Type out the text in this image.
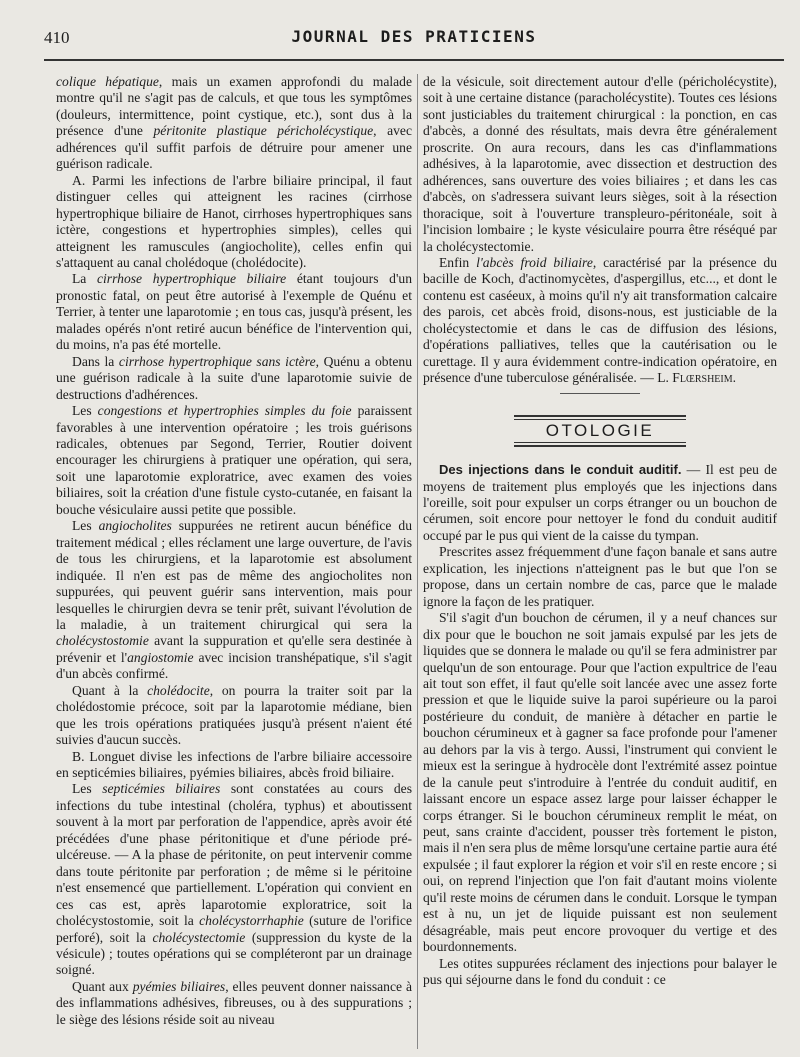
410	JOURNAL DES PRATICIENS

colique hépatique, mais un examen approfondi du malade montre qu'il ne s'agit pas de calculs, et que tous les symptômes (douleurs, intermittence, point cystique, etc.), sont dus à la présence d'une péritonite plastique péricholécystique, avec adhérences qu'il suffit parfois de détruire pour amener une guérison radicale.

A. Parmi les infections de l'arbre biliaire principal, il faut distinguer celles qui atteignent les racines (cirrhose hypertrophique biliaire de Hanot, cirrhoses hypertrophiques sans ictère, congestions et hypertrophies simples), celles qui atteignent les ramuscules (angiocholite), celles enfin qui s'attaquent au canal cholédoque (cholédocite).

La cirrhose hypertrophique biliaire étant toujours d'un pronostic fatal, on peut être autorisé à l'exemple de Quénu et Terrier, à tenter une laparotomie ; en tous cas, jusqu'à présent, les malades opérés n'ont retiré aucun bénéfice de l'intervention qui, du moins, n'a pas été mortelle.

Dans la cirrhose hypertrophique sans ictère, Quénu a obtenu une guérison radicale à la suite d'une laparotomie suivie de destructions d'adhérences.

Les congestions et hypertrophies simples du foie paraissent favorables à une intervention opératoire ; les trois guérisons radicales, obtenues par Segond, Terrier, Routier doivent encourager les chirurgiens à pratiquer une opération, qui sera, soit une laparotomie exploratrice, avec examen des voies biliaires, soit la création d'une fistule cysto-cutanée, en faisant la bouche vésiculaire aussi petite que possible.

Les angiocholites suppurées ne retirent aucun bénéfice du traitement médical ; elles réclament une large ouverture, de l'avis de tous les chirurgiens, et la laparotomie est absolument indiquée. Il n'en est pas de même des angiocholites non suppurées, qui peuvent guérir sans intervention, mais pour lesquelles le chirurgien devra se tenir prêt, suivant l'évolution de la maladie, à un traitement chirurgical qui sera la cholécystostomie avant la suppuration et qu'elle sera destinée à prévenir et l'angiostomie avec incision transhépatique, s'il s'agit d'un abcès confirmé.

Quant à la cholédocite, on pourra la traiter soit par la cholédostomie précoce, soit par la laparotomie médiane, bien que les trois opérations pratiquées jusqu'à présent n'aient été suivies d'aucun succès.

B. Longuet divise les infections de l'arbre biliaire accessoire en septicémies biliaires, pyémies biliaires, abcès froid biliaire.

Les septicémies biliaires sont constatées au cours des infections du tube intestinal (choléra, typhus) et aboutissent souvent à la mort par perforation de l'appendice, après avoir été précédées d'une phase péritonitique et d'une période pré-ulcéreuse. — A la phase de péritonite, on peut intervenir comme dans toute péritonite par perforation ; de même si le péritoine n'est ensemencé que partiellement. L'opération qui convient en ces cas est, après laparotomie exploratrice, soit la cholécystostomie, soit la cholécystorrhaphie (suture de l'orifice perforé), soit la cholécystectomie (suppression du kyste de la vésicule) ; toutes opérations qui se compléteront par un drainage soigné.

Quant aux pyémies biliaires, elles peuvent donner naissance à des inflammations adhésives, fibreuses, ou à des suppurations ; le siège des lésions réside soit au niveau

de la vésicule, soit directement autour d'elle (péricholécystite), soit à une certaine distance (paracholécystite). Toutes ces lésions sont justiciables du traitement chirurgical : la ponction, en cas d'abcès, a donné des résultats, mais devra être généralement proscrite. On aura recours, dans les cas d'inflammations adhésives, à la laparotomie, avec dissection et destruction des adhérences, sans ouverture des voies biliaires ; et dans les cas d'abcès, on s'adressera suivant leurs sièges, soit à la résection thoracique, soit à l'ouverture transpleuro-péritonéale, soit à l'incision lombaire ; le kyste vésiculaire pourra être réséqué par la cholécystectomie.

Enfin l'abcès froid biliaire, caractérisé par la présence du bacille de Koch, d'actinomycètes, d'aspergillus, etc..., et dont le contenu est caséeux, à moins qu'il n'y ait transformation calcaire des parois, cet abcès froid, disons-nous, est justiciable de la cholécystectomie et dans le cas de diffusion des lésions, d'opérations palliatives, telles que la cautérisation ou le curettage. Il y aura évidemment contre-indication opératoire, en présence d'une tuberculose généralisée. — L. Flœrsheim.

OTOLOGIE

Des injections dans le conduit auditif. — Il est peu de moyens de traitement plus employés que les injections dans l'oreille, soit pour expulser un corps étranger ou un bouchon de cérumen, soit encore pour nettoyer le fond du conduit auditif occupé par le pus qui vient de la caisse du tympan.

Prescrites assez fréquemment d'une façon banale et sans autre explication, les injections n'atteignent pas le but que l'on se propose, dans un certain nombre de cas, parce que le malade ignore la façon de les pratiquer.

S'il s'agit d'un bouchon de cérumen, il y a neuf chances sur dix pour que le bouchon ne soit jamais expulsé par les jets de liquides que se donnera le malade ou qu'il se fera administrer par quelqu'un de son entourage. Pour que l'action expultrice de l'eau ait tout son effet, il faut qu'elle soit lancée avec une assez forte pression et que le liquide suive la paroi supérieure ou la paroi postérieure du conduit, de manière à détacher en partie le bouchon cérumineux et à gagner sa face profonde pour l'amener au dehors par la vis à tergo. Aussi, l'instrument qui convient le mieux est la seringue à hydrocèle dont l'extrémité assez pointue de la canule peut s'introduire à l'entrée du conduit auditif, en laissant encore un espace assez large pour laisser échapper le corps étranger. Si le bouchon cérumineux remplit le méat, on peut, sans crainte d'accident, pousser très fortement le piston, mais il n'en sera plus de même lorsqu'une certaine partie aura été expulsée ; il faut explorer la région et voir s'il en reste encore ; si oui, on reprend l'injection que l'on fait d'autant moins violente qu'il reste moins de cérumen dans le conduit. Lorsque le tympan est à nu, un jet de liquide puissant est non seulement désagréable, mais peut encore provoquer du vertige et des bourdonnements.

Les otites suppurées réclament des injections pour balayer le pus qui séjourne dans le fond du conduit : ce
